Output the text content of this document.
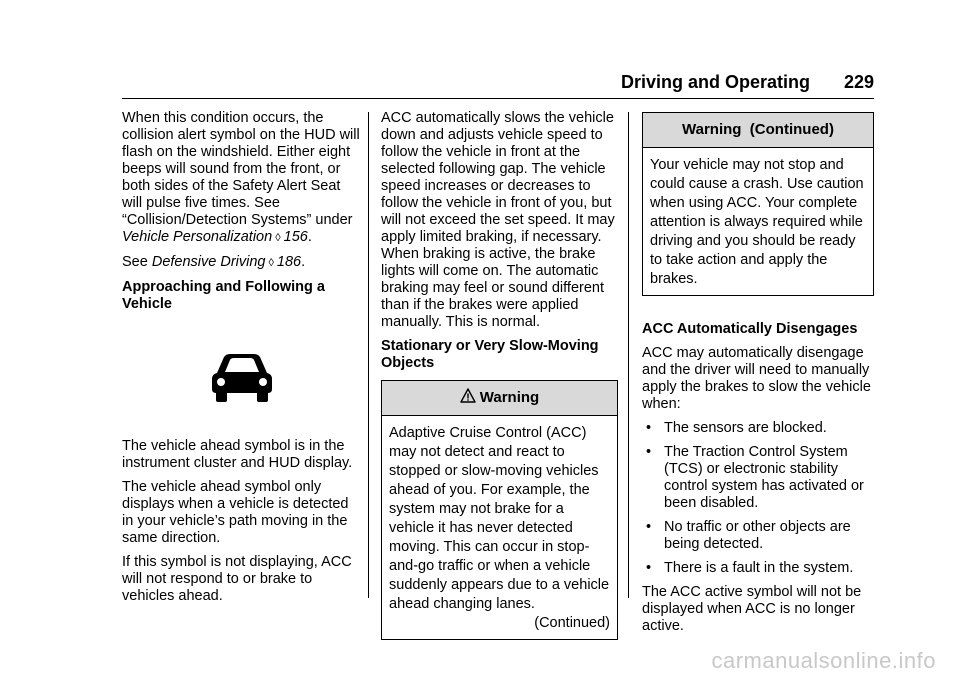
Driving and Operating 229

When this condition occurs, the collision alert symbol on the HUD will flash on the windshield. Either eight beeps will sound from the front, or both sides of the Safety Alert Seat will pulse five times. See “Collision/Detection Systems” under Vehicle Personalization ◊ 156.

See Defensive Driving ◊ 186.

Approaching and Following a Vehicle

The vehicle ahead symbol is in the instrument cluster and HUD display.

The vehicle ahead symbol only displays when a vehicle is detected in your vehicle’s path moving in the same direction.

If this symbol is not displaying, ACC will not respond to or brake to vehicles ahead.

ACC automatically slows the vehicle down and adjusts vehicle speed to follow the vehicle in front at the selected following gap. The vehicle speed increases or decreases to follow the vehicle in front of you, but will not exceed the set speed. It may apply limited braking, if necessary. When braking is active, the brake lights will come on. The automatic braking may feel or sound different than if the brakes were applied manually. This is normal.

Stationary or Very Slow-Moving Objects

Warning
Adaptive Cruise Control (ACC) may not detect and react to stopped or slow-moving vehicles ahead of you. For example, the system may not brake for a vehicle it has never detected moving. This can occur in stop-and-go traffic or when a vehicle suddenly appears due to a vehicle ahead changing lanes.
(Continued)
Warning  (Continued)
Your vehicle may not stop and could cause a crash. Use caution when using ACC. Your complete attention is always required while driving and you should be ready to take action and apply the brakes.

ACC Automatically Disengages

ACC may automatically disengage and the driver will need to manually apply the brakes to slow the vehicle when:

• The sensors are blocked.
• The Traction Control System (TCS) or electronic stability control system has activated or been disabled.
• No traffic or other objects are being detected.
• There is a fault in the system.

The ACC active symbol will not be displayed when ACC is no longer active.

carmanualsonline.info
